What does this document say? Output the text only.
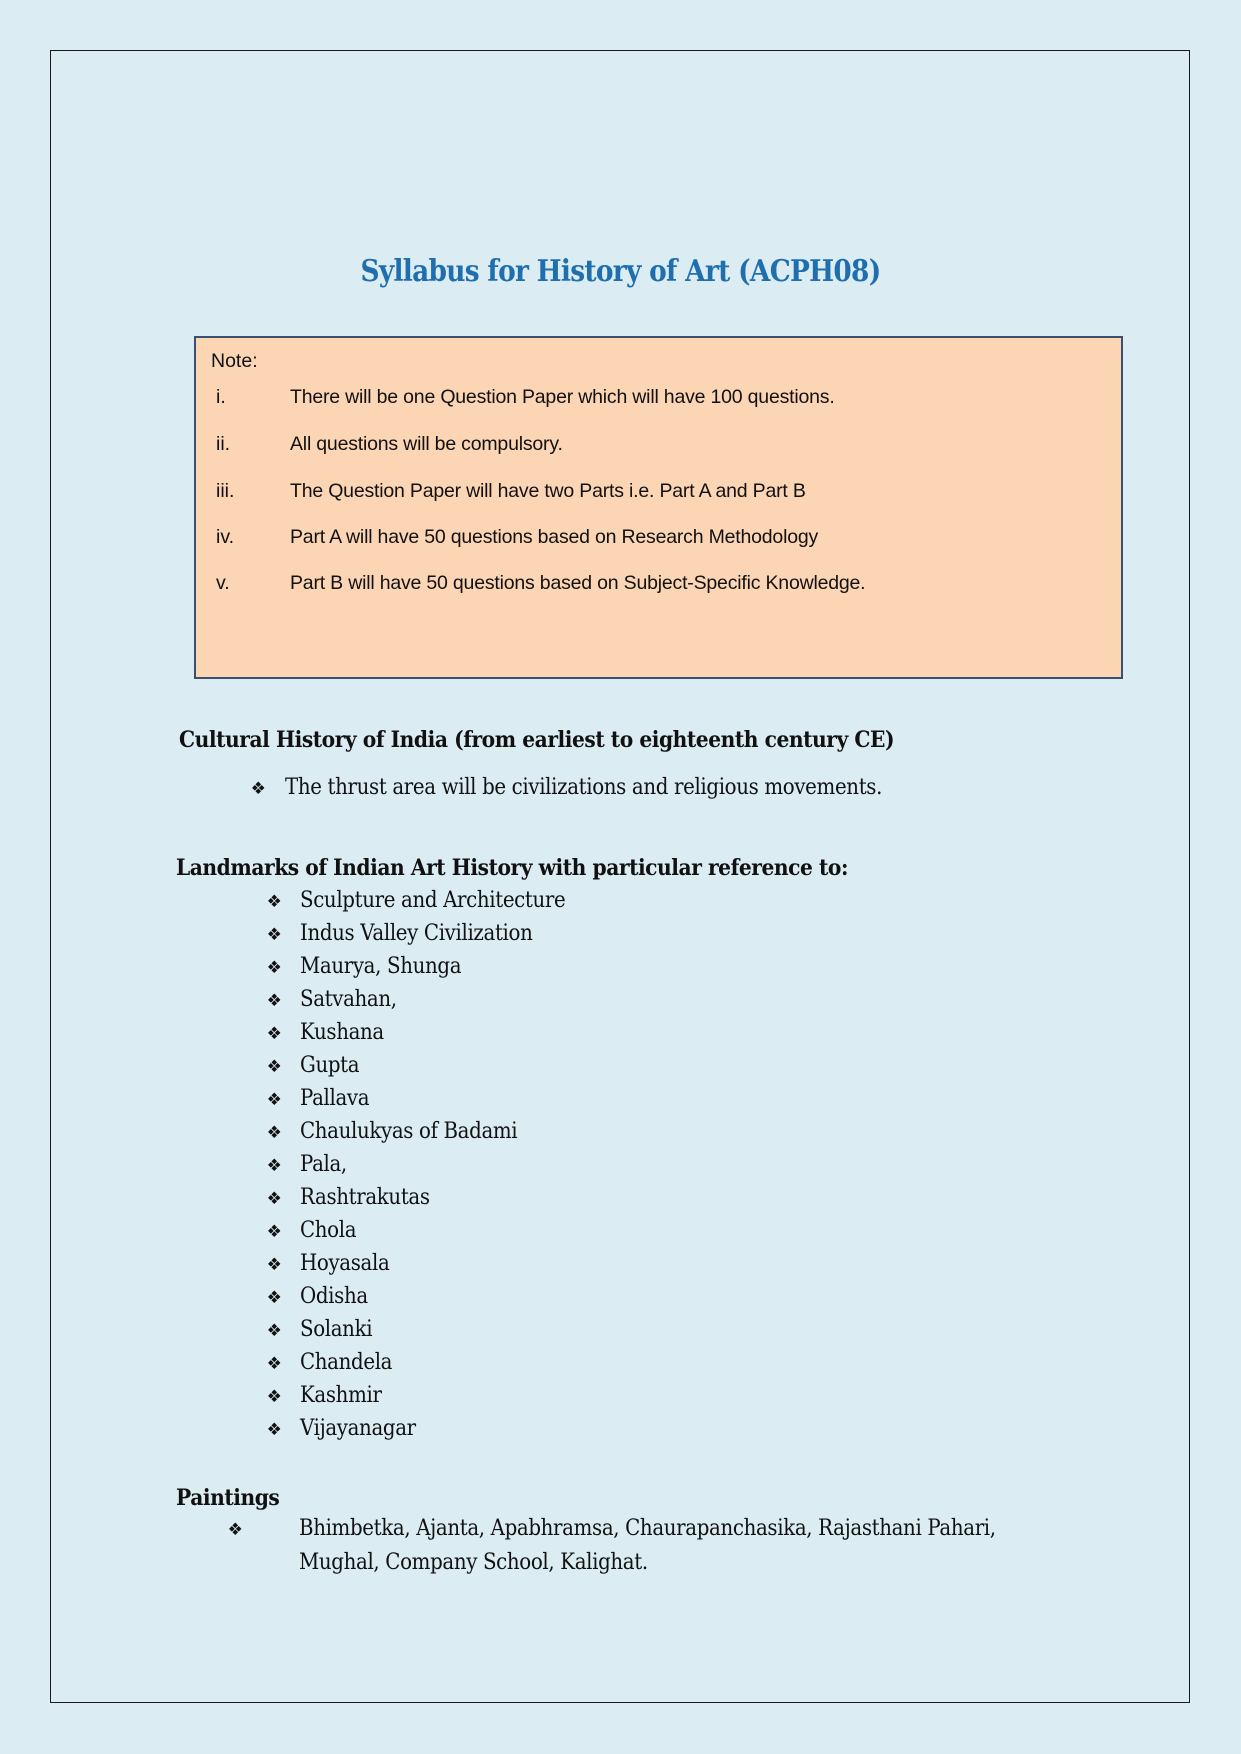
Syllabus for History of Art (ACPH08)
Note:
i.	There will be one Question Paper which will have 100 questions.
ii.	All questions will be compulsory.
iii.	The Question Paper will have two Parts i.e. Part A and Part B
iv.	Part A will have 50 questions based on Research Methodology
v.	Part B will have 50 questions based on Subject-Specific Knowledge.
Cultural History of India (from earliest to eighteenth century CE)
❖ The thrust area will be civilizations and religious movements.
Landmarks of Indian Art History with particular reference to:
❖ Sculpture and Architecture
❖ Indus Valley Civilization
❖ Maurya, Shunga
❖ Satvahan,
❖ Kushana
❖ Gupta
❖ Pallava
❖ Chaulukyas of Badami
❖ Pala,
❖ Rashtrakutas
❖ Chola
❖ Hoyasala
❖ Odisha
❖ Solanki
❖ Chandela
❖ Kashmir
❖ Vijayanagar
Paintings
❖	Bhimbetka, Ajanta, Apabhramsa, Chaurapanchasika, Rajasthani Pahari,
Mughal, Company School, Kalighat.
